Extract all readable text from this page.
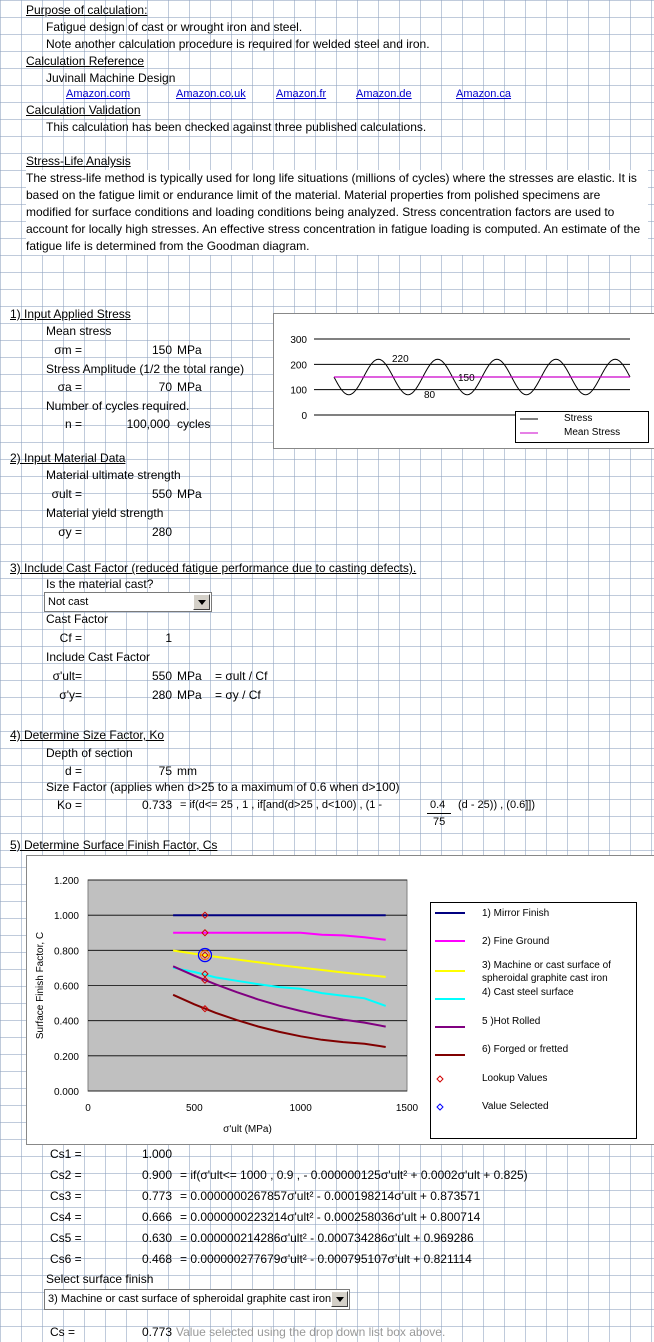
Purpose of calculation:
Fatigue design of cast or wrought iron and steel.
Note another calculation procedure is required for welded steel and iron.
Calculation Reference
Juvinall Machine Design
Amazon.com	Amazon.co.uk	Amazon.fr	Amazon.de	Amazon.ca
Calculation Validation
This calculation has been checked against three published calculations.
Stress-Life Analysis
The stress-life method is typically used for long life situations (millions of cycles) where the stresses are elastic. It is based on the fatigue limit or endurance limit of the material. Material properties from polished specimens are modified for surface conditions and loading conditions being analyzed. Stress concentration factors are used to account for locally high stresses. An effective stress concentration in fatigue loading is computed. An estimate of the fatigue life is determined from the Goodman diagram.
1) Input Applied Stress
Mean stress
σm =	150 MPa
Stress Amplitude (1/2 the total range)
σa =	70 MPa
Number of cycles required.
n =	100,000 cycles
0
100
200
300
220
150
80
Stress
Mean Stress
2) Input Material Data
Material ultimate strength
σult =	550 MPa
Material yield strength
σy =	280
3) Include Cast Factor (reduced fatigue performance due to casting defects).
Is the material cast?
Not cast
Cast Factor
Cf =	1
Include Cast Factor
σ'ult=	550 MPa = σult / Cf
σ'y=	280 MPa = σy / Cf
4) Determine Size Factor, Ko
Depth of section
d =	75 mm
Size Factor (applies when d>25 to a maximum of 0.6 when d>100)
Ko =	0.733 = if(d<= 25 , 1 , if[and(d>25 , d<100) , (1 -	0.4
75
(d - 25)) , (0.6]])
5) Determine Surface Finish Factor, Cs
0.000
0.200
0.400
0.600
0.800
1.000
1.200
0	500	1000	1500
σ'ult (MPa)
Surface Finish Factor, C
1) Mirror Finish
2) Fine Ground
3) Machine or cast surface of spheroidal graphite cast iron
4) Cast steel surface
5 )Hot Rolled
6) Forged or fretted
Lookup Values
Value Selected
Cs1 =	1.000
Cs2 =	0.900 = if(σ'ult<= 1000 , 0.9 , - 0.000000125σ'ult² + 0.0002σ'ult + 0.825)
Cs3 =	0.773 = 0.0000000267857σ'ult² - 0.000198214σ'ult + 0.873571
Cs4 =	0.666 = 0.0000000223214σ'ult² - 0.000258036σ'ult + 0.800714
Cs5 =	0.630 = 0.000000214286σ'ult² - 0.000734286σ'ult + 0.969286
Cs6 =	0.468 = 0.000000277679σ'ult² - 0.000795107σ'ult + 0.821114
Select surface finish
3) Machine or cast surface of spheroidal graphite cast iron
Cs =	0.773 Value selected using the drop down list box above.
